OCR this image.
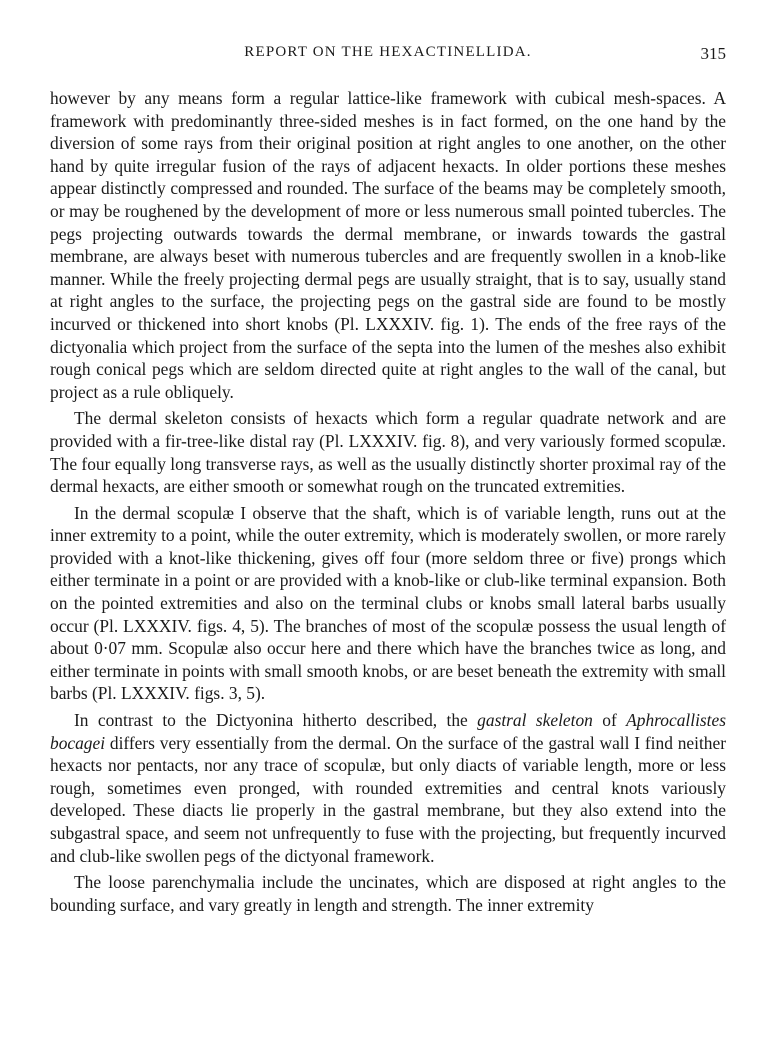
REPORT ON THE HEXACTINELLIDA.	315

however by any means form a regular lattice-like framework with cubical mesh-spaces. A framework with predominantly three-sided meshes is in fact formed, on the one hand by the diversion of some rays from their original position at right angles to one another, on the other hand by quite irregular fusion of the rays of adjacent hexacts. In older portions these meshes appear distinctly compressed and rounded. The surface of the beams may be completely smooth, or may be roughened by the development of more or less numerous small pointed tubercles. The pegs projecting outwards towards the dermal membrane, or inwards towards the gastral membrane, are always beset with numerous tubercles and are frequently swollen in a knob-like manner. While the freely projecting dermal pegs are usually straight, that is to say, usually stand at right angles to the surface, the projecting pegs on the gastral side are found to be mostly incurved or thickened into short knobs (Pl. LXXXIV. fig. 1). The ends of the free rays of the dictyonalia which project from the surface of the septa into the lumen of the meshes also exhibit rough conical pegs which are seldom directed quite at right angles to the wall of the canal, but project as a rule obliquely.

The dermal skeleton consists of hexacts which form a regular quadrate network and are provided with a fir-tree-like distal ray (Pl. LXXXIV. fig. 8), and very variously formed scopulæ. The four equally long transverse rays, as well as the usually distinctly shorter proximal ray of the dermal hexacts, are either smooth or somewhat rough on the truncated extremities.

In the dermal scopulæ I observe that the shaft, which is of variable length, runs out at the inner extremity to a point, while the outer extremity, which is moderately swollen, or more rarely provided with a knot-like thickening, gives off four (more seldom three or five) prongs which either terminate in a point or are provided with a knob-like or club-like terminal expansion. Both on the pointed extremities and also on the terminal clubs or knobs small lateral barbs usually occur (Pl. LXXXIV. figs. 4, 5). The branches of most of the scopulæ possess the usual length of about 0·07 mm. Scopulæ also occur here and there which have the branches twice as long, and either terminate in points with small smooth knobs, or are beset beneath the extremity with small barbs (Pl. LXXXIV. figs. 3, 5).

In contrast to the Dictyonina hitherto described, the gastral skeleton of Aphrocallistes bocagei differs very essentially from the dermal. On the surface of the gastral wall I find neither hexacts nor pentacts, nor any trace of scopulæ, but only diacts of variable length, more or less rough, sometimes even pronged, with rounded extremities and central knots variously developed. These diacts lie properly in the gastral membrane, but they also extend into the subgastral space, and seem not unfrequently to fuse with the projecting, but frequently incurved and club-like swollen pegs of the dictyonal framework.

The loose parenchymalia include the uncinates, which are disposed at right angles to the bounding surface, and vary greatly in length and strength. The inner extremity
